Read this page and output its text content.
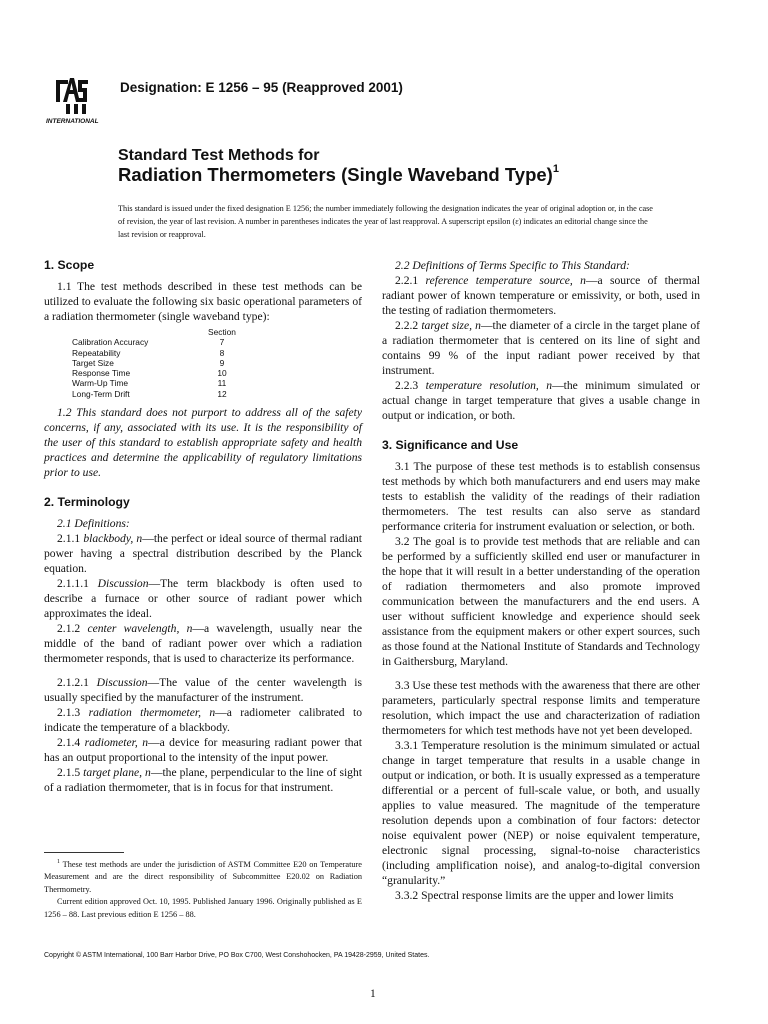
INTERNATIONAL
Designation: E 1256 – 95 (Reapproved 2001)
Standard Test Methods for
Radiation Thermometers (Single Waveband Type)$^1$
This standard is issued under the fixed designation E 1256; the number immediately following the designation indicates the year of original adoption or, in the case of revision, the year of last revision. A number in parentheses indicates the year of last reapproval. A superscript epsilon (ε) indicates an editorial change since the last revision or reapproval.

1. Scope

1.1 The test methods described in these test methods can be utilized to evaluate the following six basic operational parameters of a radiation thermometer (single waveband type):

	Section
Calibration Accuracy	7
Repeatability	8
Target Size	9
Response Time	10
Warm-Up Time	11
Long-Term Drift	12

1.2 This standard does not purport to address all of the safety concerns, if any, associated with its use. It is the responsibility of the user of this standard to establish appropriate safety and health practices and determine the applicability of regulatory limitations prior to use.

2. Terminology

2.1 Definitions:

2.1.1 blackbody, n—the perfect or ideal source of thermal radiant power having a spectral distribution described by the Planck equation.

2.1.1.1 Discussion—The term blackbody is often used to describe a furnace or other source of radiant power which approximates the ideal.

2.1.2 center wavelength, n—a wavelength, usually near the middle of the band of radiant power over which a radiation thermometer responds, that is used to characterize its performance.

2.1.2.1 Discussion—The value of the center wavelength is usually specified by the manufacturer of the instrument.

2.1.3 radiation thermometer, n—a radiometer calibrated to indicate the temperature of a blackbody.

2.1.4 radiometer, n—a device for measuring radiant power that has an output proportional to the intensity of the input power.

2.1.5 target plane, n—the plane, perpendicular to the line of sight of a radiation thermometer, that is in focus for that instrument.

2.2 Definitions of Terms Specific to This Standard:

2.2.1 reference temperature source, n—a source of thermal radiant power of known temperature or emissivity, or both, used in the testing of radiation thermometers.

2.2.2 target size, n—the diameter of a circle in the target plane of a radiation thermometer that is centered on its line of sight and contains 99 % of the input radiant power received by that instrument.

2.2.3 temperature resolution, n—the minimum simulated or actual change in target temperature that gives a usable change in output or indication, or both.

3. Significance and Use

3.1 The purpose of these test methods is to establish consensus test methods by which both manufacturers and end users may make tests to establish the validity of the readings of their radiation thermometers. The test results can also serve as standard performance criteria for instrument evaluation or selection, or both.

3.2 The goal is to provide test methods that are reliable and can be performed by a sufficiently skilled end user or manufacturer in the hope that it will result in a better understanding of the operation of radiation thermometers and also promote improved communication between the manufacturers and the end users. A user without sufficient knowledge and experience should seek assistance from the equipment makers or other expert sources, such as those found at the National Institute of Standards and Technology in Gaithersburg, Maryland.

3.3 Use these test methods with the awareness that there are other parameters, particularly spectral response limits and temperature resolution, which impact the use and characterization of radiation thermometers for which test methods have not yet been developed.

3.3.1 Temperature resolution is the minimum simulated or actual change in target temperature that results in a usable change in output or indication, or both. It is usually expressed as a temperature differential or a percent of full-scale value, or both, and usually applies to value measured. The magnitude of the temperature resolution depends upon a combination of four factors: detector noise equivalent power (NEP) or noise equivalent temperature, electronic signal processing, signal-to-noise characteristics (including amplification noise), and analog-to-digital conversion “granularity.”

3.3.2 Spectral response limits are the upper and lower limits

$^1$ These test methods are under the jurisdiction of ASTM Committee E20 on Temperature Measurement and are the direct responsibility of Subcommittee E20.02 on Radiation Thermometry.

Current edition approved Oct. 10, 1995. Published January 1996. Originally published as E 1256 – 88. Last previous edition E 1256 – 88.

Copyright © ASTM International, 100 Barr Harbor Drive, PO Box C700, West Conshohocken, PA 19428-2959, United States.
1
